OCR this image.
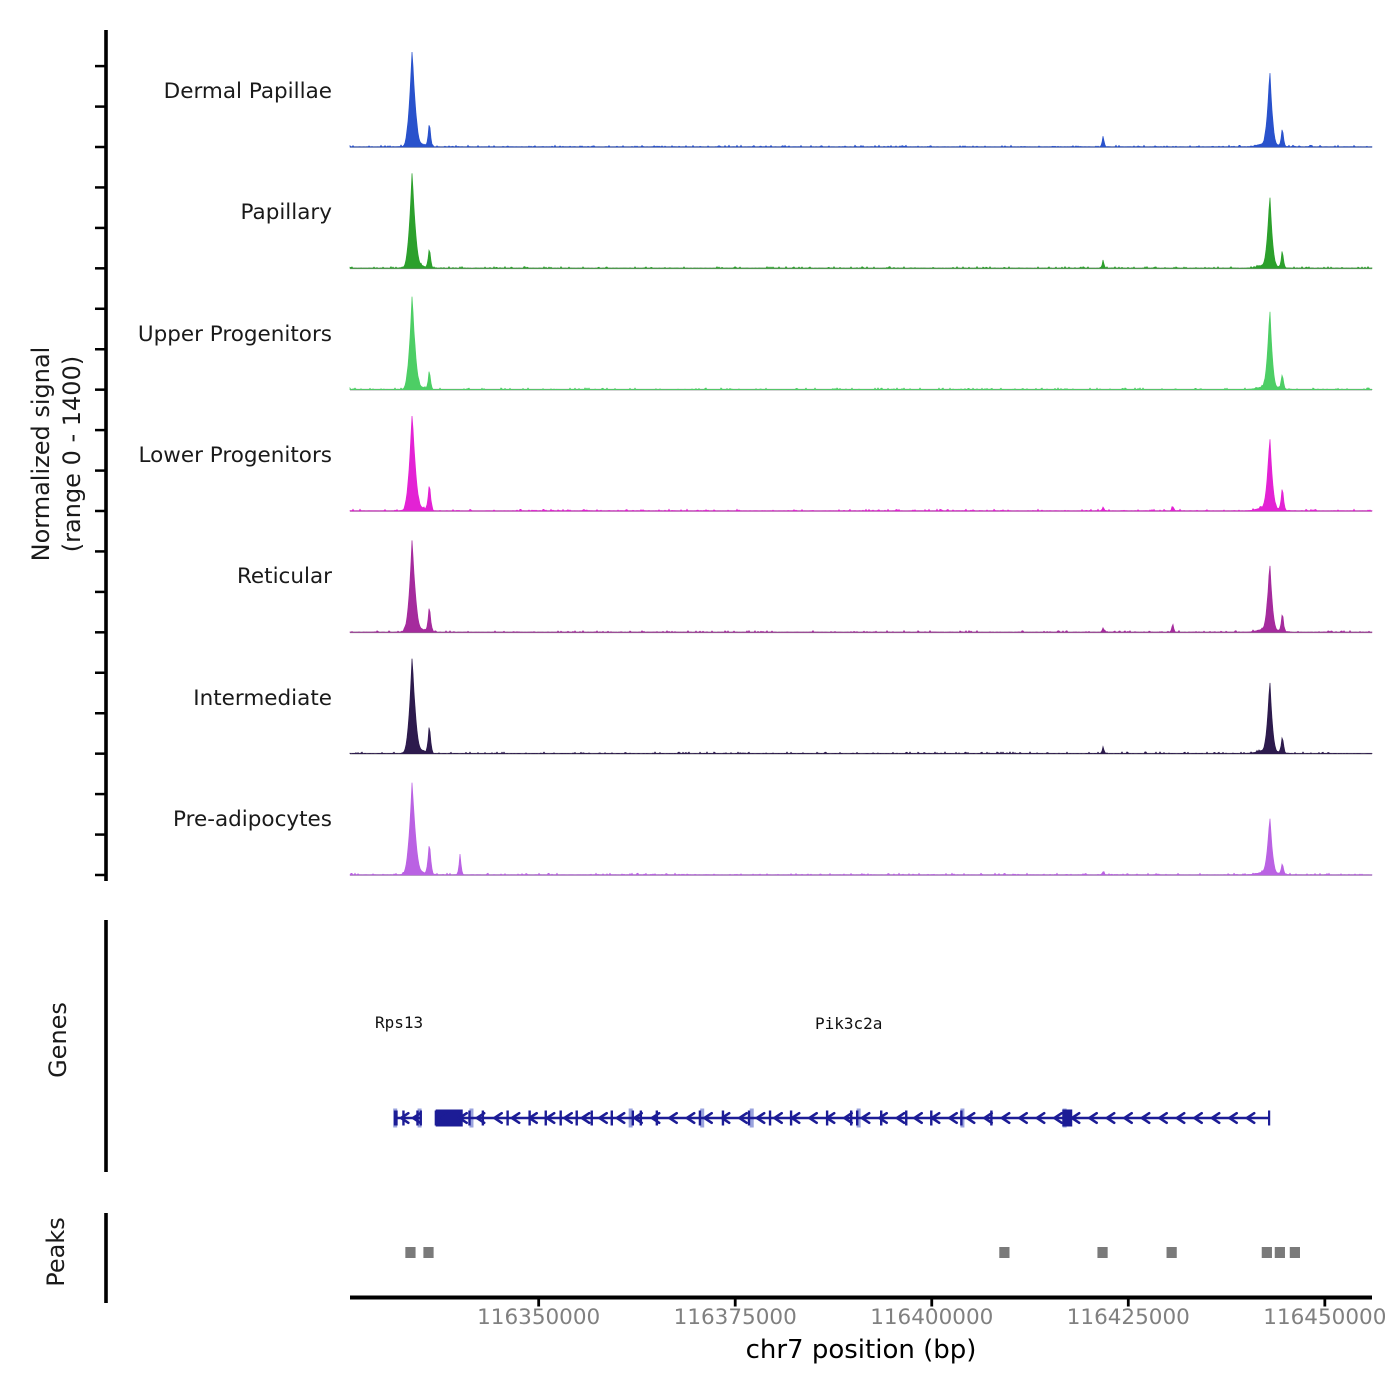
Normalized signal (range 0 - 1400)
Dermal Papillae
Papillary
Upper Progenitors
Lower Progenitors
Reticular
Intermediate
Pre-adipocytes
Genes
Peaks
Rps13	Pik3c2a
116350000	116375000	116400000	116425000	116450000
chr7 position (bp)
